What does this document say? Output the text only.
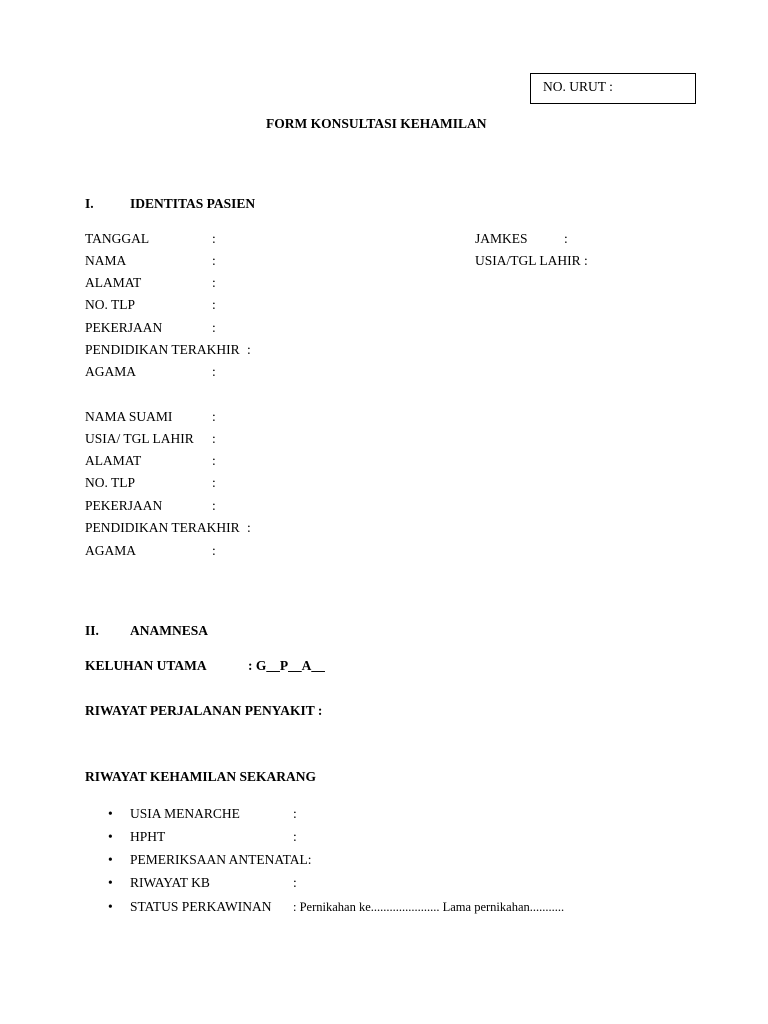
NO. URUT :
FORM KONSULTASI KEHAMILAN
I.	IDENTITAS PASIEN
TANGGAL	:	JAMKES	:
NAMA	:	USIA/TGL LAHIR :
ALAMAT	:
NO. TLP	:
PEKERJAAN	:
PENDIDIKAN TERAKHIR :
AGAMA	:
NAMA SUAMI	:
USIA/ TGL LAHIR :
ALAMAT	:
NO. TLP	:
PEKERJAAN	:
PENDIDIKAN TERAKHIR :
AGAMA	:
II. ANAMNESA
KELUHAN UTAMA	: G__P__A__
RIWAYAT PERJALANAN PENYAKIT :
RIWAYAT KEHAMILAN SEKARANG
• USIA MENARCHE	:
• HPHT	:
• PEMERIKSAAN ANTENATAL:
• RIWAYAT KB	:
• STATUS PERKAWINAN : Pernikahan ke...................... Lama pernikahan...........
